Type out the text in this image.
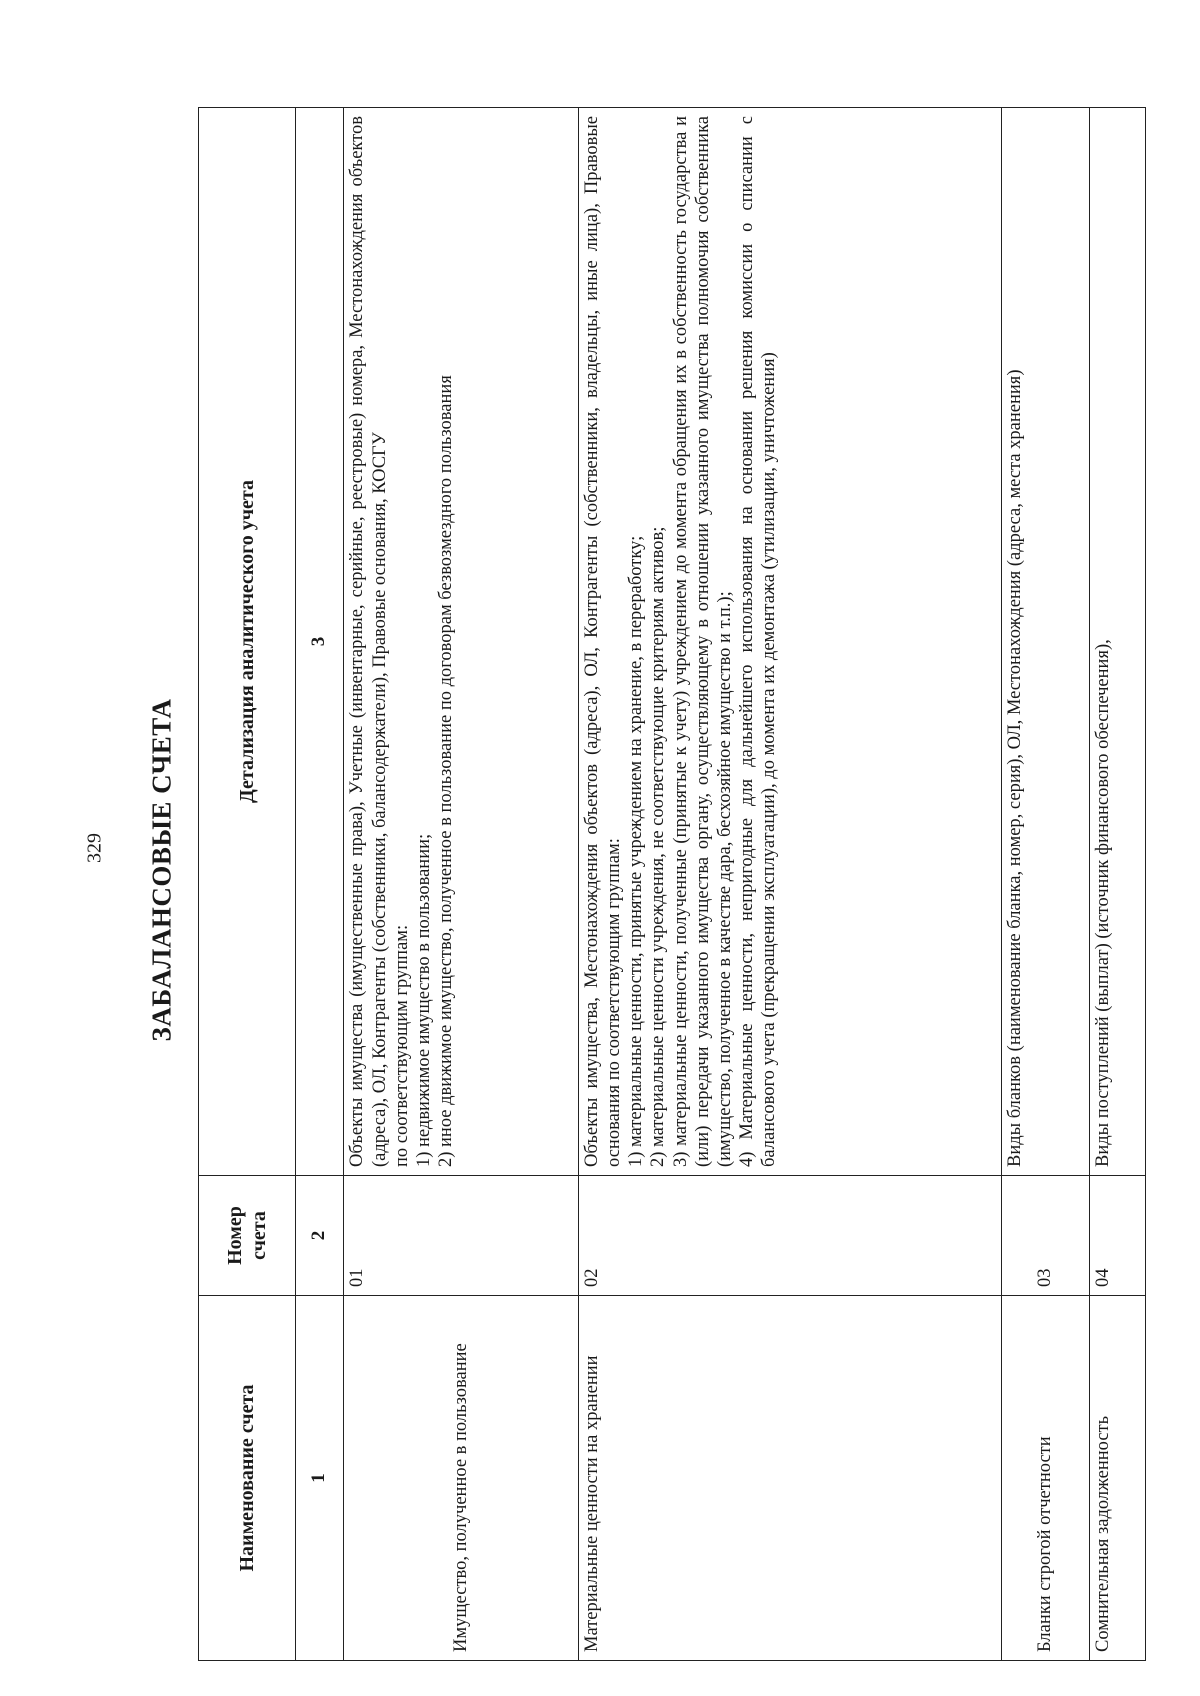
329 ЗАБАЛАНСОВЫЕ СЧЕТА
Наименование счета	Номер счета	Детализация аналитического учета
1	2	3
Имущество, полученное в пользование	01	Объекты имущества (имущественные права), Учетные (инвентарные, серийные, реестровые) номера, Местонахождения объектов (адреса), ОЛ, Контрагенты (собственники, балансодержатели), Правовые основания, КОСГУ по соответствующим группам: 1) недвижимое имущество в пользовании; 2) иное движимое имущество, полученное в пользование по договорам безвозмездного пользования

Материальные ценности на хранении	02	Объекты имущества, Местонахождения объектов (адреса), ОЛ, Контрагенты (собственники, владельцы, иные лица), Правовые основания по соответствующим группам: 1) материальные ценности, принятые учреждением на хранение, в переработку; 2) материальные ценности учреждения, не соответствующие критериям активов; 3) материальные ценности, полученные (принятые к учету) учреждением до момента обращения их в собственность государства и (или) передачи указанного имущества органу, осуществляющему в отношении указанного имущества полномочия собственника (имущество, полученное в качестве дара, бесхозяйное имущество и т.п.); 4) Материальные ценности, непригодные для дальнейшего использования на основании решения комиссии о списании с балансового учета (прекращении эксплуатации), до момента их демонтажа (утилизации, уничтожения)

Бланки строгой отчетности	03	Виды бланков (наименование бланка, номер, серия), ОЛ, Местонахождения (адреса, места хранения)

Сомнительная задолженность	04	Виды поступлений (выплат) (источник финансового обеспечения),
